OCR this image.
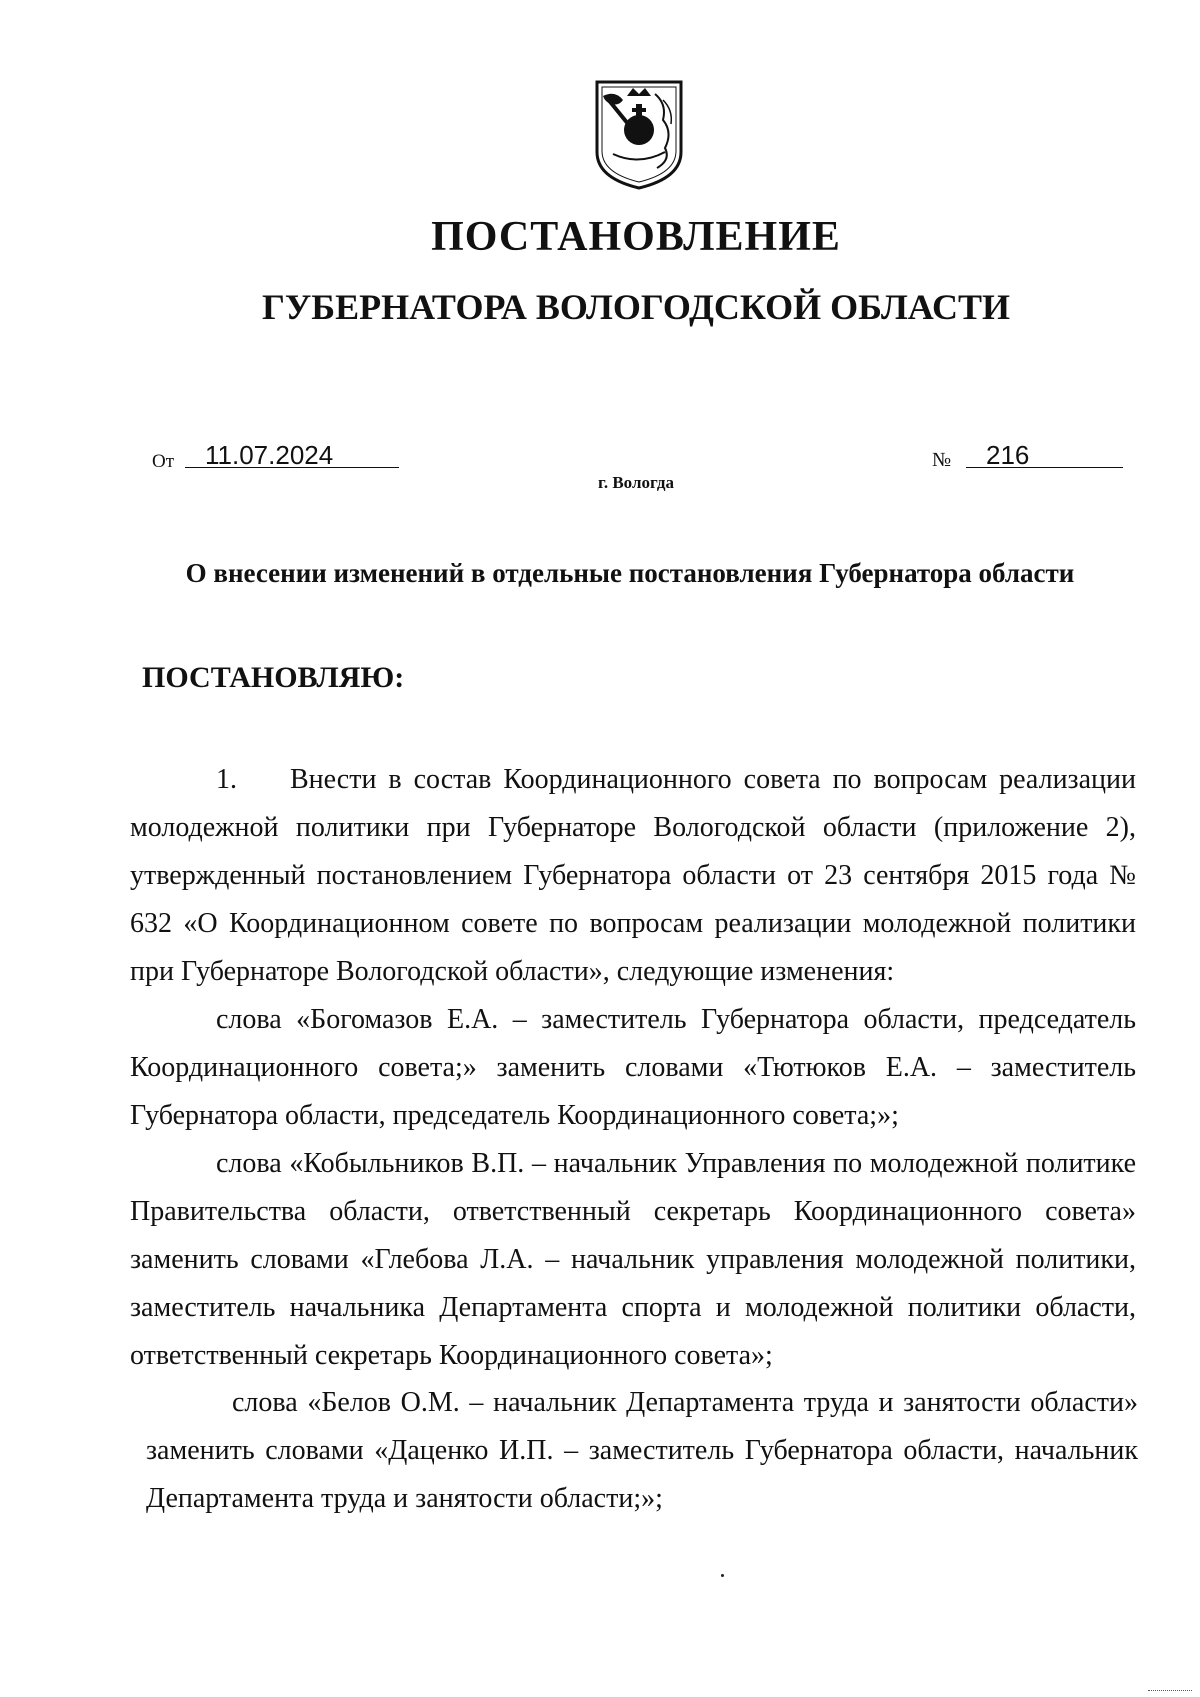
ПОСТАНОВЛЕНИЕ
ГУБЕРНАТОРА ВОЛОГОДСКОЙ ОБЛАСТИ
От 11.07.2024	№ 216
г. Вологда
О внесении изменений в отдельные постановления Губернатора области
ПОСТАНОВЛЯЮ:
1. Внести в состав Координационного совета по вопросам реализации молодежной политики при Губернаторе Вологодской области (приложение 2), утвержденный постановлением Губернатора области от 23 сентября 2015 года № 632 «О Координационном совете по вопросам реализации молодежной политики при Губернаторе Вологодской области», следующие изменения:
слова «Богомазов Е.А. – заместитель Губернатора области, председатель Координационного совета;» заменить словами «Тютюков Е.А. – заместитель Губернатора области, председатель Координационного совета;»;
слова «Кобыльников В.П. – начальник Управления по молодежной политике Правительства области, ответственный секретарь Координационного совета» заменить словами «Глебова Л.А. – начальник управления молодежной политики, заместитель начальника Департамента спорта и молодежной политики области, ответственный секретарь Координационного совета»;
слова «Белов О.М. – начальник Департамента труда и занятости области» заменить словами «Даценко И.П. – заместитель Губернатора области, начальник Департамента труда и занятости области;»;
